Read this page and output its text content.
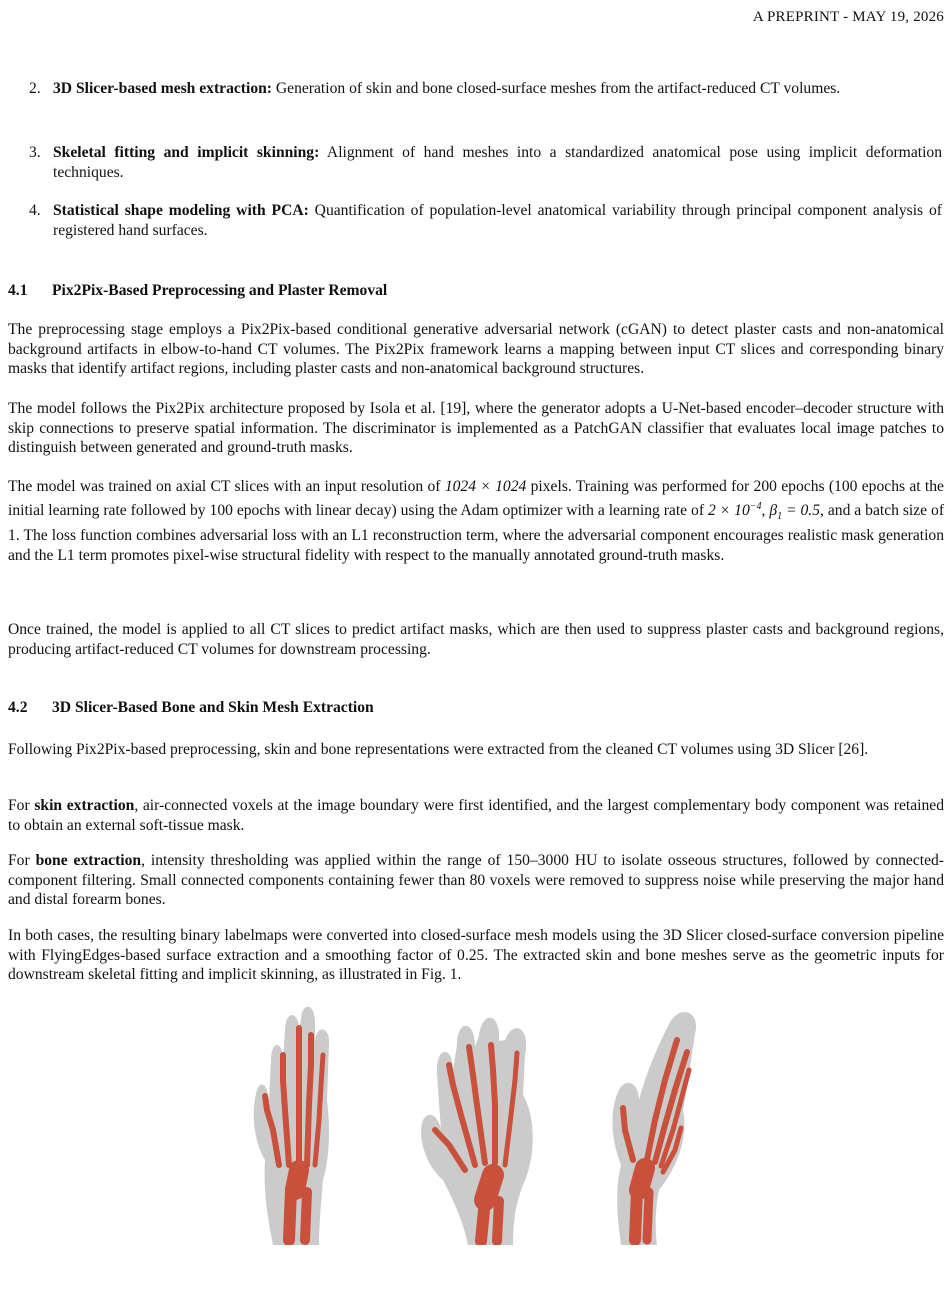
A PREPRINT - MAY 19, 2026
2. 3D Slicer-based mesh extraction: Generation of skin and bone closed-surface meshes from the artifact-reduced CT volumes.

3. Skeletal fitting and implicit skinning: Alignment of hand meshes into a standardized anatomical pose using implicit deformation techniques.

4. Statistical shape modeling with PCA: Quantification of population-level anatomical variability through principal component analysis of registered hand surfaces.

4.1 Pix2Pix-Based Preprocessing and Plaster Removal

The preprocessing stage employs a Pix2Pix-based conditional generative adversarial network (cGAN) to detect plaster casts and non-anatomical background artifacts in elbow-to-hand CT volumes. The Pix2Pix framework learns a mapping between input CT slices and corresponding binary masks that identify artifact regions, including plaster casts and non-anatomical background structures.

The model follows the Pix2Pix architecture proposed by Isola et al. [19], where the generator adopts a U-Net-based encoder–decoder structure with skip connections to preserve spatial information. The discriminator is implemented as a PatchGAN classifier that evaluates local image patches to distinguish between generated and ground-truth masks.

The model was trained on axial CT slices with an input resolution of 1024 × 1024 pixels. Training was performed for 200 epochs (100 epochs at the initial learning rate followed by 100 epochs with linear decay) using the Adam optimizer with a learning rate of $2 \times 10^{-4}$, $\beta_1 = 0.5$, and a batch size of 1. The loss function combines adversarial loss with an L1 reconstruction term, where the adversarial component encourages realistic mask generation and the L1 term promotes pixel-wise structural fidelity with respect to the manually annotated ground-truth masks.

Once trained, the model is applied to all CT slices to predict artifact masks, which are then used to suppress plaster casts and background regions, producing artifact-reduced CT volumes for downstream processing.

4.2 3D Slicer-Based Bone and Skin Mesh Extraction

Following Pix2Pix-based preprocessing, skin and bone representations were extracted from the cleaned CT volumes using 3D Slicer [26].

For skin extraction, air-connected voxels at the image boundary were first identified, and the largest complementary body component was retained to obtain an external soft-tissue mask.

For bone extraction, intensity thresholding was applied within the range of 150–3000 HU to isolate osseous structures, followed by connected-component filtering. Small connected components containing fewer than 80 voxels were removed to suppress noise while preserving the major hand and distal forearm bones.

In both cases, the resulting binary labelmaps were converted into closed-surface mesh models using the 3D Slicer closed-surface conversion pipeline with FlyingEdges-based surface extraction and a smoothing factor of 0.25. The extracted skin and bone meshes serve as the geometric inputs for downstream skeletal fitting and implicit skinning, as illustrated in Fig. 1.
